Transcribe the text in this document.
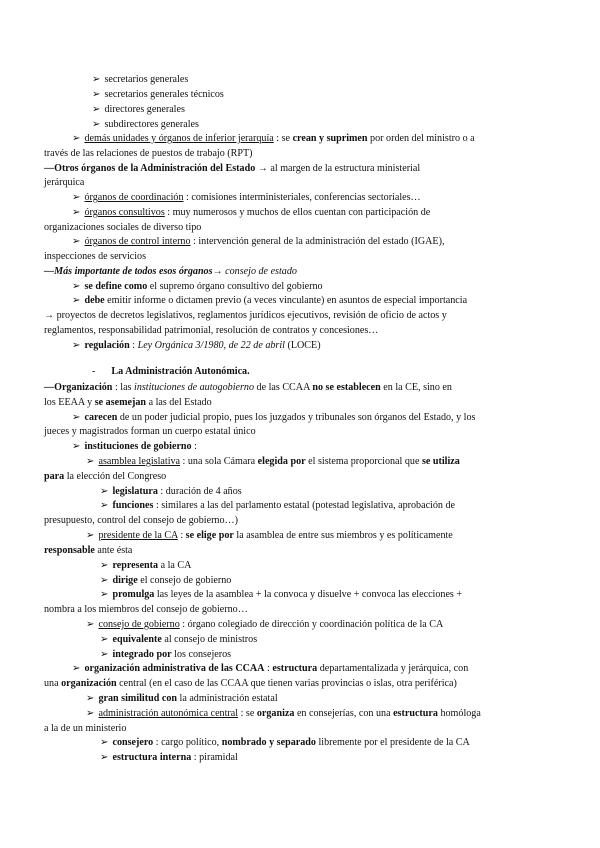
➢ secretarios generales
➢ secretarios generales técnicos
➢ directores generales
➢ subdirectores generales
➢ demás unidades y órganos de inferior jerarquía : se crean y suprimen por orden del ministro o a
través de las relaciones de puestos de trabajo (RPT)
—Otros órganos de la Administración del Estado → al margen de la estructura ministerial
jerárquica
➢ órganos de coordinación : comisiones interministeriales, conferencias sectoriales…
➢ órganos consultivos : muy numerosos y muchos de ellos cuentan con participación de
organizaciones sociales de diverso tipo
➢ órganos de control interno : intervención general de la administración del estado (IGAE),
inspecciones de servicios
—Más importante de todos esos órganos→ consejo de estado
➢ se define como el supremo órgano consultivo del gobierno
➢ debe emitir informe o dictamen previo (a veces vinculante) en asuntos de especial importancia
→ proyectos de decretos legislativos, reglamentos jurídicos ejecutivos, revisión de oficio de actos y
reglamentos, responsabilidad patrimonial, resolución de contratos y concesiones…
➢ regulación : Ley Orgánica 3/1980, de 22 de abril (LOCE)
- La Administración Autonómica.
—Organización : las instituciones de autogobierno de las CCAA no se establecen en la CE, sino en
los EEAA y se asemejan a las del Estado
➢ carecen de un poder judicial propio, pues los juzgados y tribunales son órganos del Estado, y los
jueces y magistrados forman un cuerpo estatal único
➢ instituciones de gobierno :
➢ asamblea legislativa : una sola Cámara elegida por el sistema proporcional que se utiliza
para la elección del Congreso
➢ legislatura : duración de 4 años
➢ funciones : similares a las del parlamento estatal (potestad legislativa, aprobación de
presupuesto, control del consejo de gobierno…)
➢ presidente de la CA : se elige por la asamblea de entre sus miembros y es políticamente
responsable ante ésta
➢ representa a la CA
➢ dirige el consejo de gobierno
➢ promulga las leyes de la asamblea + la convoca y disuelve + convoca las elecciones +
nombra a los miembros del consejo de gobierno…
➢ consejo de gobierno : órgano colegiado de dirección y coordinación política de la CA
➢ equivalente al consejo de ministros
➢ integrado por los consejeros
➢ organización administrativa de las CCAA : estructura departamentalizada y jerárquica, con
una organización central (en el caso de las CCAA que tienen varias provincias o islas, otra periférica)
➢ gran similitud con la administración estatal
➢ administración autonómica central : se organiza en consejerías, con una estructura homóloga
a la de un ministerio
➢ consejero : cargo político, nombrado y separado libremente por el presidente de la CA
➢ estructura interna : piramidal
